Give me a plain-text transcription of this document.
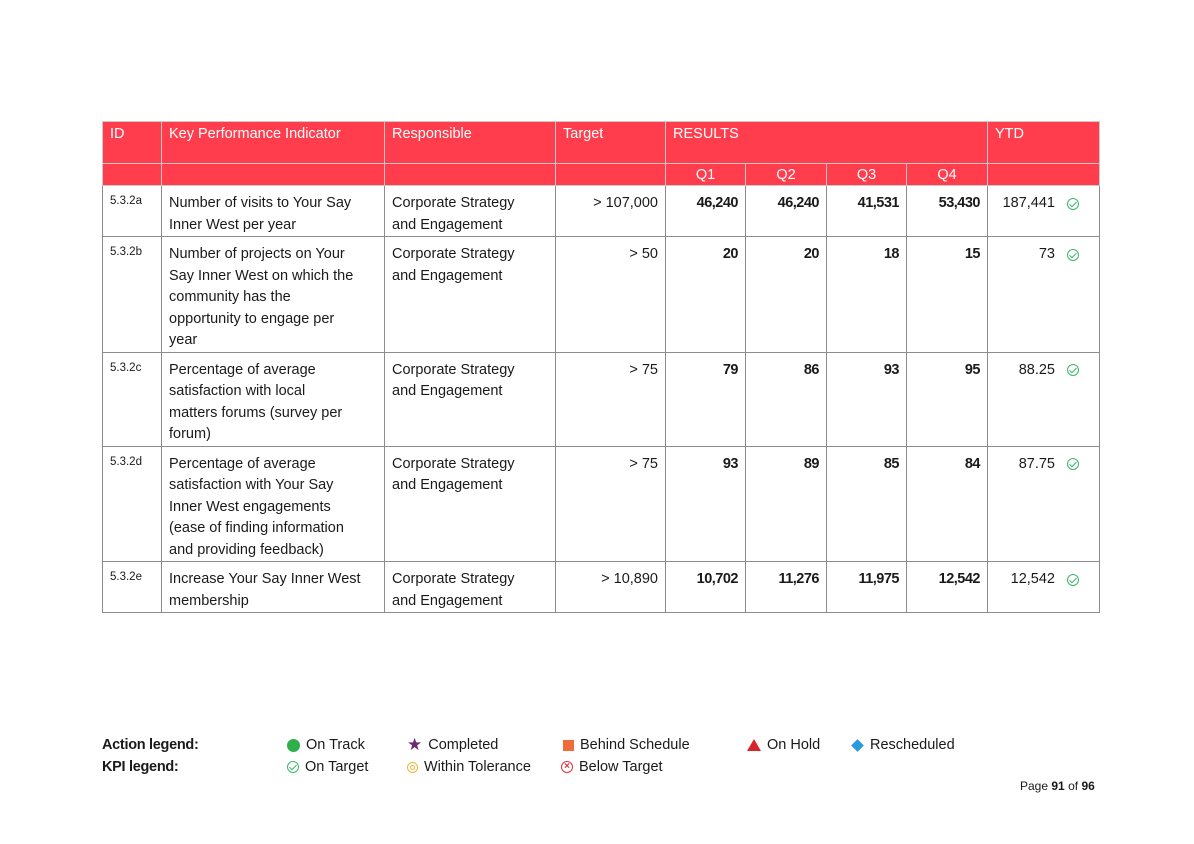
ID	Key Performance Indicator	Responsible	Target	RESULTS				YTD
				Q1	Q2	Q3	Q4	
5.3.2a	Number of visits to Your Say
Inner West per year	Corporate Strategy
and Engagement	> 107,000	46,240	46,240	41,531	53,430	187,441

5.3.2b	Number of projects on Your
Say Inner West on which the
community has the
opportunity to engage per
year	Corporate Strategy
and Engagement	> 50	20	20	18	15	73

5.3.2c	Percentage of average
satisfaction with local
matters forums (survey per
forum)	Corporate Strategy
and Engagement	> 75	79	86	93	95	88.25

5.3.2d	Percentage of average
satisfaction with Your Say
Inner West engagements
(ease of finding information
and providing feedback)	Corporate Strategy
and Engagement	> 75	93	89	85	84	87.75

5.3.2e	Increase Your Say Inner West
membership	Corporate Strategy
and Engagement	> 10,890	10,702	11,276	11,975	12,542	12,542
Action legend:
KPI legend:
On Track ★ Completed	Behind Schedule	On Hold	Rescheduled
On Target	Within Tolerance	× Below Target
Page 91 of 96
